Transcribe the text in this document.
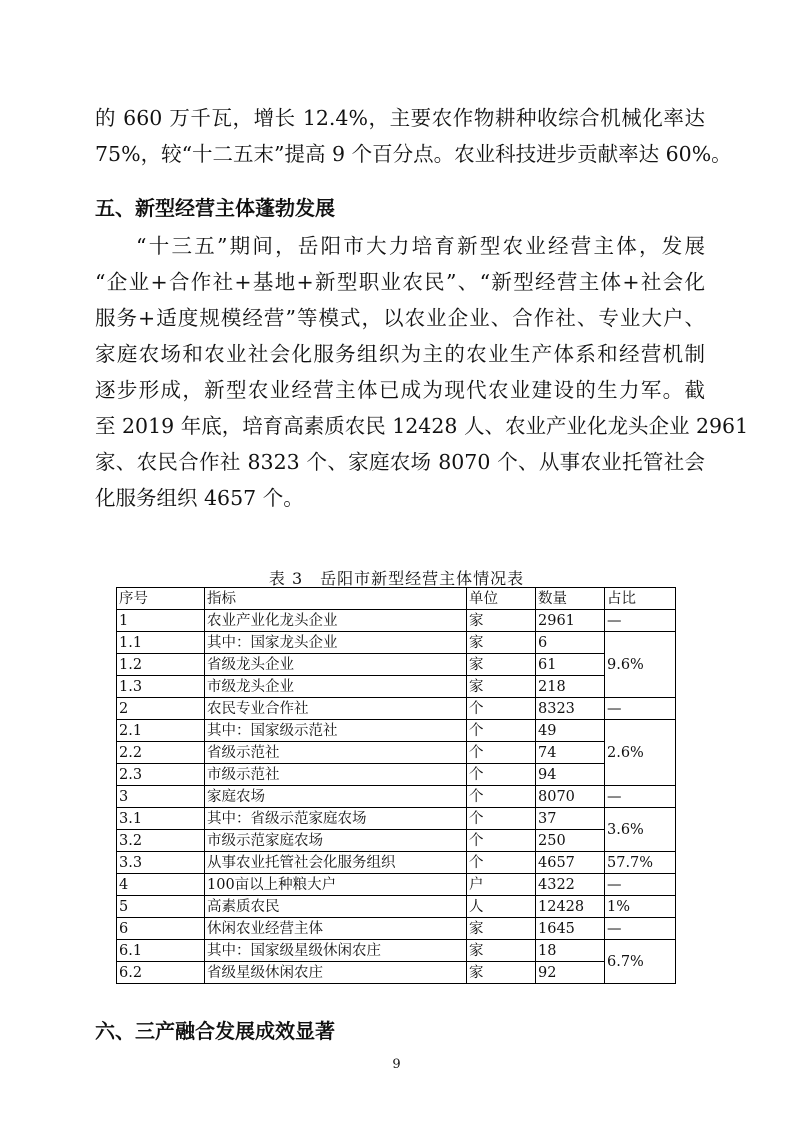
的 660 万千瓦，增长 12.4%，主要农作物耕种收综合机械化率达
75%，较“十二五末”提高 9 个百分点。农业科技进步贡献率达 60%。
五、新型经营主体蓬勃发展
“十三五”期间，岳阳市大力培育新型农业经营主体，发展
“企业+合作社+基地+新型职业农民”、“新型经营主体+社会化
服务+适度规模经营”等模式，以农业企业、合作社、专业大户、
家庭农场和农业社会化服务组织为主的农业生产体系和经营机制
逐步形成，新型农业经营主体已成为现代农业建设的生力军。截
至 2019 年底，培育高素质农民 12428 人、农业产业化龙头企业 2961
家、农民合作社 8323 个、家庭农场 8070 个、从事农业托管社会
化服务组织 4657 个。
表 3　岳阳市新型经营主体情况表
序号	指标	单位	数量	占比
1	农业产业化龙头企业	家	2961	—
1.1	其中：国家龙头企业	家	6	9.6%
1.2	省级龙头企业	家	61	
1.3	市级龙头企业	家	218	
2	农民专业合作社	个	8323	—
2.1	其中：国家级示范社	个	49	2.6%
2.2	省级示范社	个	74	
2.3	市级示范社	个	94	
3	家庭农场	个	8070	—
3.1	其中：省级示范家庭农场	个	37	3.6%
3.2	市级示范家庭农场	个	250	
3.3	从事农业托管社会化服务组织	个	4657	57.7%
4	100亩以上种粮大户	户	4322	—
5	高素质农民	人	12428	1%
6	休闲农业经营主体	家	1645	—
6.1	其中：国家级星级休闲农庄	家	18	6.7%
6.2	省级星级休闲农庄	家	92	
六、三产融合发展成效显著
9
